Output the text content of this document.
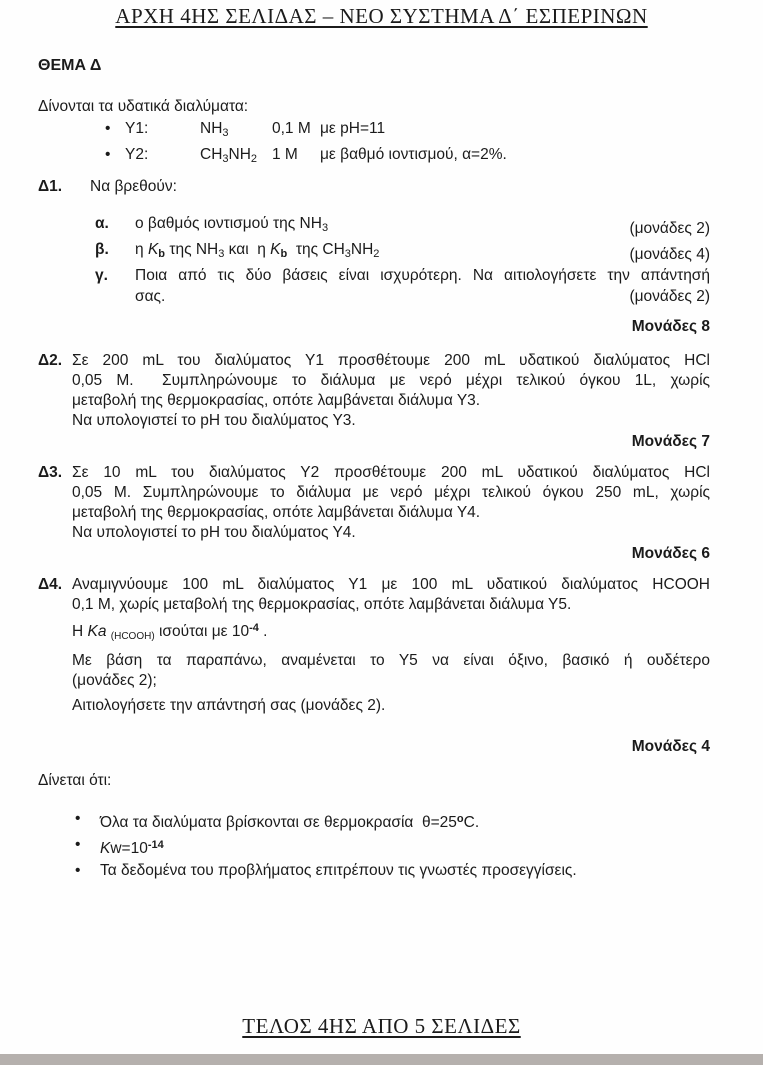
ΑΡΧΗ 4ΗΣ ΣΕΛΙΔΑΣ – ΝΕΟ ΣΥΣΤΗΜΑ Δ΄ ΕΣΠΕΡΙΝΩΝ
ΘΕΜΑ Δ
Δίνονται τα υδατικά διαλύματα:
•
Υ1:	$NH_3$	0,1 M με pH=11
•
Υ2:	$CH_3NH_2$ 1 M	με βαθμό ιοντισμού, α=2%.
Δ1.	Να βρεθούν:
α.	ο βαθμός ιοντισμού της $NH_3$	(μονάδες 2)
β.	η $K_b$ της $NH_3$ και  η $K_b$  της $CH_3NH_2$	(μονάδες 4)
γ.	Ποια από τις δύο βάσεις είναι ισχυρότερη. Να αιτιολογήσετε την απάντησή
σας.	(μονάδες 2)
Μονάδες 8
Δ2. Σε 200 mL του διαλύματος Υ1 προσθέτουμε 200 mL υδατικού διαλύματος HCl
0,05 M.  Συμπληρώνουμε το διάλυμα με νερό μέχρι τελικού όγκου 1L, χωρίς
μεταβολή της θερμοκρασίας, οπότε λαμβάνεται διάλυμα Υ3.
Να υπολογιστεί το pH του διαλύματος Υ3.
Μονάδες 7
Δ3. Σε 10 mL του διαλύματος Υ2 προσθέτουμε 200 mL υδατικού διαλύματος HCl
0,05 M. Συμπληρώνουμε το διάλυμα με νερό μέχρι τελικού όγκου 250 mL, χωρίς
μεταβολή της θερμοκρασίας, οπότε λαμβάνεται διάλυμα Υ4.
Να υπολογιστεί το pH του διαλύματος Υ4.
Μονάδες 6
Δ4. Αναμιγνύουμε 100 mL διαλύματος Υ1 με 100 mL υδατικού διαλύματος HCOOH
0,1 M, χωρίς μεταβολή της θερμοκρασίας, οπότε λαμβάνεται διάλυμα Υ5.
Η Ka $_{(HCOOH)}$ ισούται με $10^{-4}$ .
Με βάση τα παραπάνω, αναμένεται το Υ5 να είναι όξινο, βασικό ή ουδέτερο
(μονάδες 2);
Αιτιολογήσετε την απάντησή σας (μονάδες 2).
Μονάδες 4
Δίνεται ότι:
•
Όλα τα διαλύματα βρίσκονται σε θερμοκρασία  $\theta=25^oC$.
•
$Kw=10^{-14}$
•
Τα δεδομένα του προβλήματος επιτρέπουν τις γνωστές προσεγγίσεις.
ΤΕΛΟΣ 4ΗΣ ΑΠΟ 5 ΣΕΛΙΔΕΣ
